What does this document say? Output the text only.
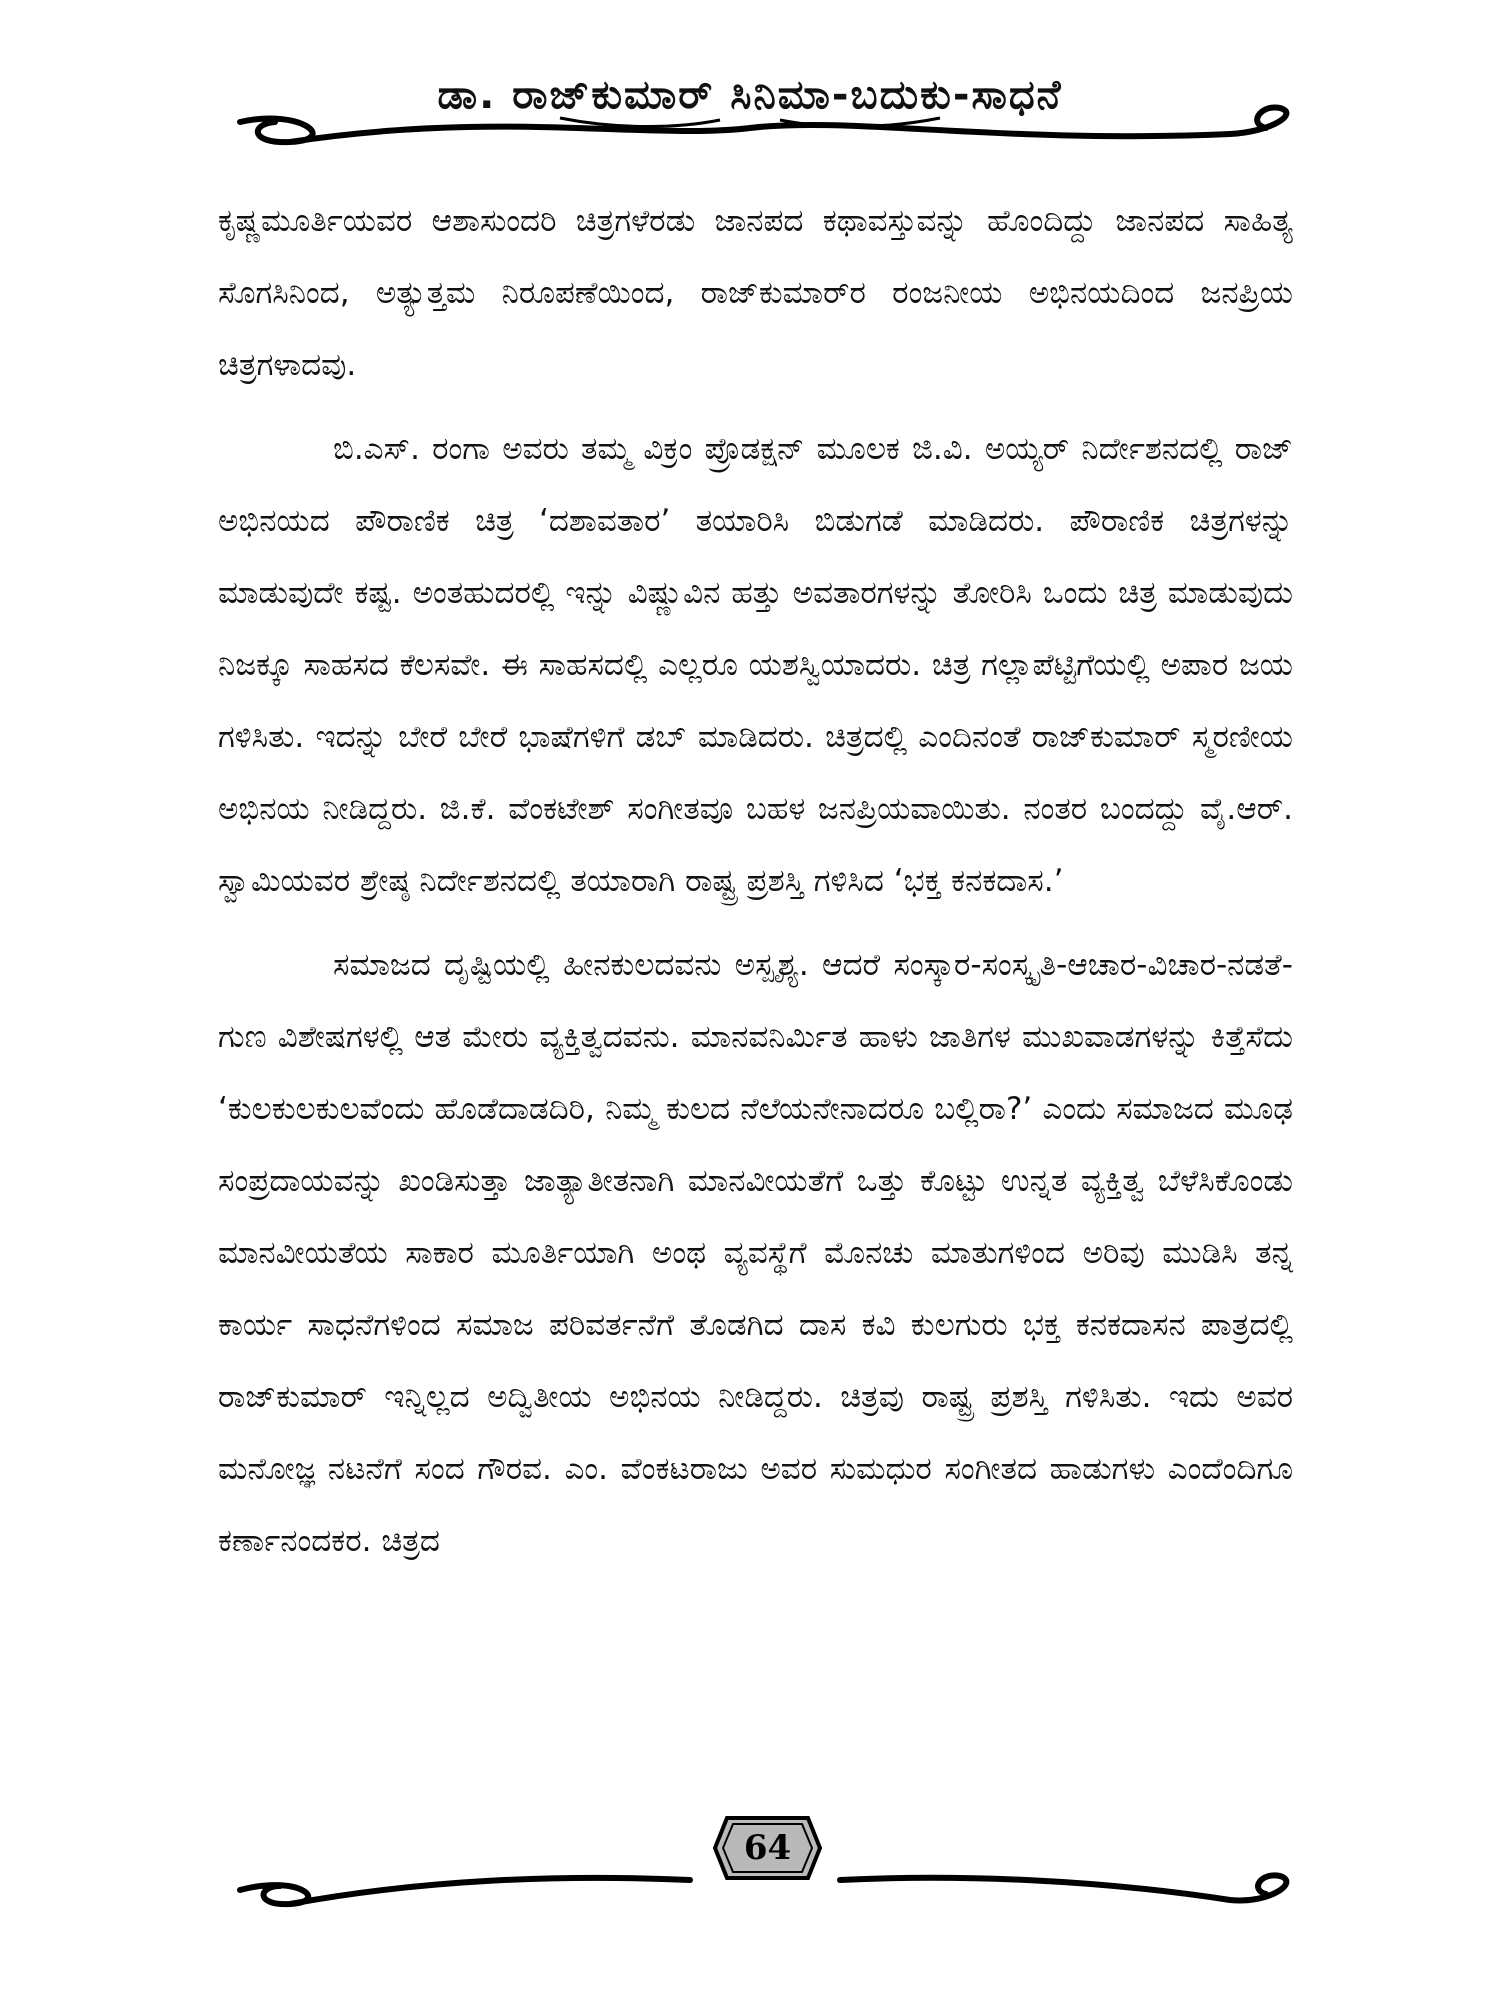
ಡಾ. ರಾಜ್‌ಕುಮಾರ್ ಸಿನಿಮಾ-ಬದುಕು-ಸಾಧನೆ

ಕೃಷ್ಣಮೂರ್ತಿಯವರ ಆಶಾಸುಂದರಿ ಚಿತ್ರಗಳೆರಡು ಜಾನಪದ ಕಥಾವಸ್ತುವನ್ನು ಹೊಂದಿದ್ದು ಜಾನಪದ ಸಾಹಿತ್ಯ ಸೊಗಸಿನಿಂದ, ಅತ್ಯುತ್ತಮ ನಿರೂಪಣೆಯಿಂದ, ರಾಜ್‌ಕುಮಾರ್‌ರ ರಂಜನೀಯ ಅಭಿನಯದಿಂದ ಜನಪ್ರಿಯ ಚಿತ್ರಗಳಾದವು.

ಬಿ.ಎಸ್. ರಂಗಾ ಅವರು ತಮ್ಮ ವಿಕ್ರಂ ಪ್ರೊಡಕ್ಷನ್ ಮೂಲಕ ಜಿ.ವಿ. ಅಯ್ಯರ್ ನಿರ್ದೇಶನದಲ್ಲಿ ರಾಜ್ ಅಭಿನಯದ ಪೌರಾಣಿಕ ಚಿತ್ರ ‘ದಶಾವತಾರ’ ತಯಾರಿಸಿ ಬಿಡುಗಡೆ ಮಾಡಿದರು. ಪೌರಾಣಿಕ ಚಿತ್ರಗಳನ್ನು ಮಾಡುವುದೇ ಕಷ್ಟ. ಅಂತಹುದರಲ್ಲಿ ಇನ್ನು ವಿಷ್ಣುವಿನ ಹತ್ತು ಅವತಾರಗಳನ್ನು ತೋರಿಸಿ ಒಂದು ಚಿತ್ರ ಮಾಡುವುದು ನಿಜಕ್ಕೂ ಸಾಹಸದ ಕೆಲಸವೇ. ಈ ಸಾಹಸದಲ್ಲಿ ಎಲ್ಲರೂ ಯಶಸ್ವಿಯಾದರು. ಚಿತ್ರ ಗಲ್ಲಾಪೆಟ್ಟಿಗೆಯಲ್ಲಿ ಅಪಾರ ಜಯ ಗಳಿಸಿತು. ಇದನ್ನು ಬೇರೆ ಬೇರೆ ಭಾಷೆಗಳಿಗೆ ಡಬ್ ಮಾಡಿದರು. ಚಿತ್ರದಲ್ಲಿ ಎಂದಿನಂತೆ ರಾಜ್‌ಕುಮಾರ್ ಸ್ಮರಣೀಯ ಅಭಿನಯ ನೀಡಿದ್ದರು. ಜಿ.ಕೆ. ವೆಂಕಟೇಶ್ ಸಂಗೀತವೂ ಬಹಳ ಜನಪ್ರಿಯವಾಯಿತು. ನಂತರ ಬಂದದ್ದು ವೈ.ಆರ್. ಸ್ವಾಮಿಯವರ ಶ್ರೇಷ್ಠ ನಿರ್ದೇಶನದಲ್ಲಿ ತಯಾರಾಗಿ ರಾಷ್ಟ್ರ ಪ್ರಶಸ್ತಿ ಗಳಿಸಿದ ‘ಭಕ್ತ ಕನಕದಾಸ.’

ಸಮಾಜದ ದೃಷ್ಟಿಯಲ್ಲಿ ಹೀನಕುಲದವನು ಅಸ್ಪೃಶ್ಯ. ಆದರೆ ಸಂಸ್ಕಾರ-ಸಂಸ್ಕೃತಿ-ಆಚಾರ-ವಿಚಾರ-ನಡತೆ-ಗುಣ ವಿಶೇಷಗಳಲ್ಲಿ ಆತ ಮೇರು ವ್ಯಕ್ತಿತ್ವದವನು. ಮಾನವನಿರ್ಮಿತ ಹಾಳು ಜಾತಿಗಳ ಮುಖವಾಡಗಳನ್ನು ಕಿತ್ತೆಸೆದು ‘ಕುಲಕುಲಕುಲವೆಂದು ಹೊಡೆದಾಡದಿರಿ, ನಿಮ್ಮ ಕುಲದ ನೆಲೆಯನೇನಾದರೂ ಬಲ್ಲಿರಾ?’ ಎಂದು ಸಮಾಜದ ಮೂಢ ಸಂಪ್ರದಾಯವನ್ನು ಖಂಡಿಸುತ್ತಾ ಜಾತ್ಯಾತೀತನಾಗಿ ಮಾನವೀಯತೆಗೆ ಒತ್ತು ಕೊಟ್ಟು ಉನ್ನತ ವ್ಯಕ್ತಿತ್ವ ಬೆಳೆಸಿಕೊಂಡು ಮಾನವೀಯತೆಯ ಸಾಕಾರ ಮೂರ್ತಿಯಾಗಿ ಅಂಥ ವ್ಯವಸ್ಥೆಗೆ ಮೊನಚು ಮಾತುಗಳಿಂದ ಅರಿವು ಮುಡಿಸಿ ತನ್ನ ಕಾರ್ಯ ಸಾಧನೆಗಳಿಂದ ಸಮಾಜ ಪರಿವರ್ತನೆಗೆ ತೊಡಗಿದ ದಾಸ ಕವಿ ಕುಲಗುರು ಭಕ್ತ ಕನಕದಾಸನ ಪಾತ್ರದಲ್ಲಿ ರಾಜ್‌ಕುಮಾರ್ ಇನ್ನಿಲ್ಲದ ಅದ್ವಿತೀಯ ಅಭಿನಯ ನೀಡಿದ್ದರು. ಚಿತ್ರವು ರಾಷ್ಟ್ರ ಪ್ರಶಸ್ತಿ ಗಳಿಸಿತು. ಇದು ಅವರ ಮನೋಜ್ಞ ನಟನೆಗೆ ಸಂದ ಗೌರವ. ಎಂ. ವೆಂಕಟರಾಜು ಅವರ ಸುಮಧುರ ಸಂಗೀತದ ಹಾಡುಗಳು ಎಂದೆಂದಿಗೂ ಕರ್ಣಾನಂದಕರ. ಚಿತ್ರದ

64
